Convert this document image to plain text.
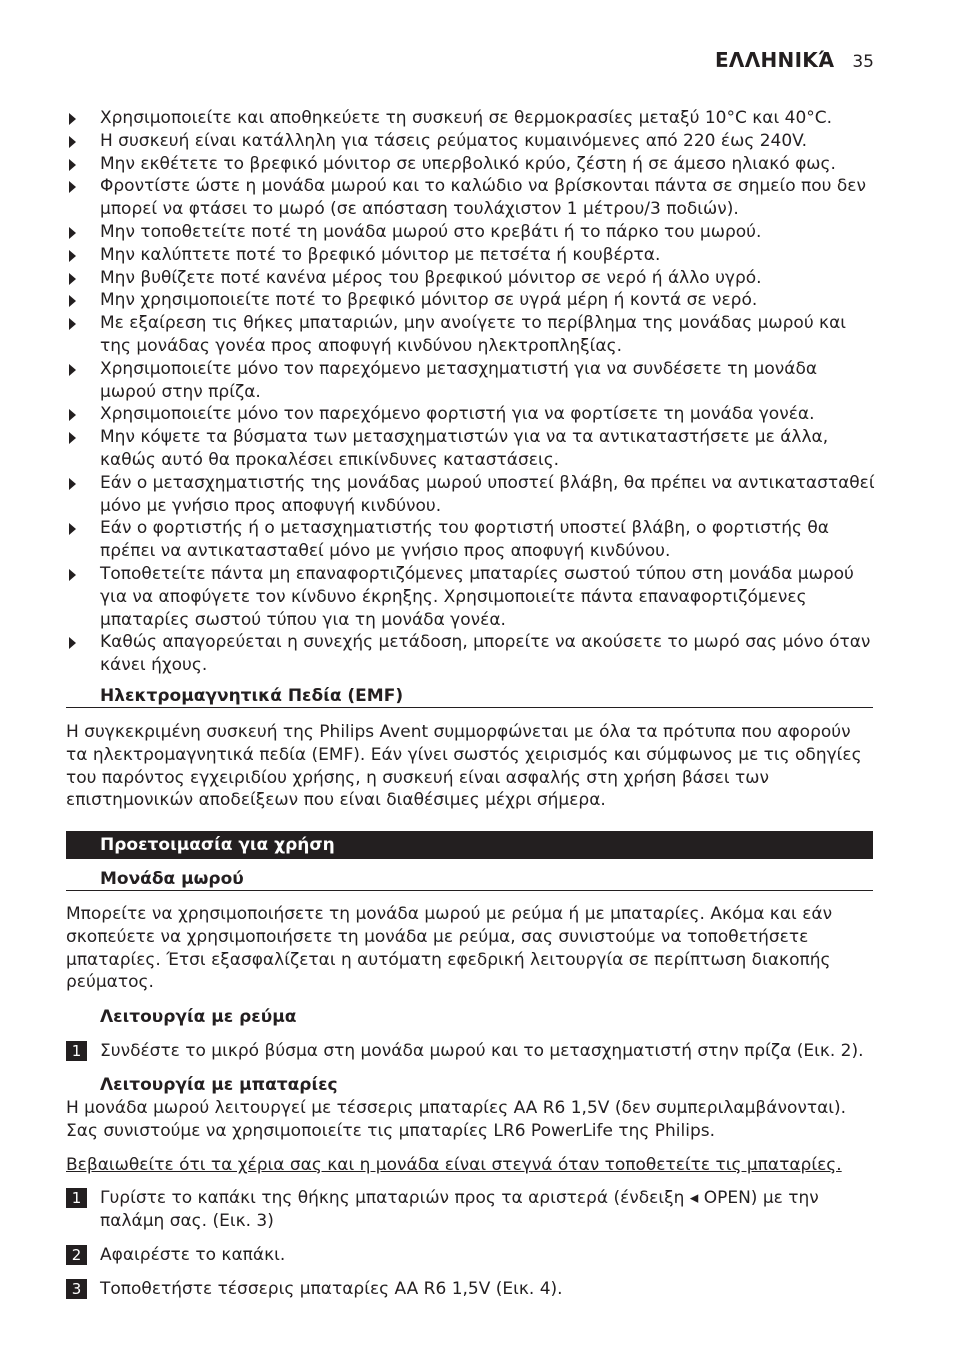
ΕΛΛΗΝΙΚΆ 35
Χρησιμοποιείτε και αποθηκεύετε τη συσκευή σε θερμοκρασίες μεταξύ 10°C και 40°C.
Η συσκευή είναι κατάλληλη για τάσεις ρεύματος κυμαινόμενες από 220 έως 240V.
Μην εκθέτετε το βρεφικό μόνιτορ σε υπερβολικό κρύο, ζέστη ή σε άμεσο ηλιακό φως.
Φροντίστε ώστε η μονάδα μωρού και το καλώδιο να βρίσκονται πάντα σε σημείο που δεν μπορεί να φτάσει το μωρό (σε απόσταση τουλάχιστον 1 μέτρου/3 ποδιών).
Μην τοποθετείτε ποτέ τη μονάδα μωρού στο κρεβάτι ή το πάρκο του μωρού.
Μην καλύπτετε ποτέ το βρεφικό μόνιτορ με πετσέτα ή κουβέρτα.
Μην βυθίζετε ποτέ κανένα μέρος του βρεφικού μόνιτορ σε νερό ή άλλο υγρό.
Μην χρησιμοποιείτε ποτέ το βρεφικό μόνιτορ σε υγρά μέρη ή κοντά σε νερό.
Με εξαίρεση τις θήκες μπαταριών, μην ανοίγετε το περίβλημα της μονάδας μωρού και της μονάδας γονέα προς αποφυγή κινδύνου ηλεκτροπληξίας.
Χρησιμοποιείτε μόνο τον παρεχόμενο μετασχηματιστή για να συνδέσετε τη μονάδα μωρού στην πρίζα.
Χρησιμοποιείτε μόνο τον παρεχόμενο φορτιστή για να φορτίσετε τη μονάδα γονέα.
Μην κόψετε τα βύσματα των μετασχηματιστών για να τα αντικαταστήσετε με άλλα, καθώς αυτό θα προκαλέσει επικίνδυνες καταστάσεις.
Εάν ο μετασχηματιστής της μονάδας μωρού υποστεί βλάβη, θα πρέπει να αντικατασταθεί μόνο με γνήσιο προς αποφυγή κινδύνου.
Εάν ο φορτιστής ή ο μετασχηματιστής του φορτιστή υποστεί βλάβη, ο φορτιστής θα πρέπει να αντικατασταθεί μόνο με γνήσιο προς αποφυγή κινδύνου.
Τοποθετείτε πάντα μη επαναφορτιζόμενες μπαταρίες σωστού τύπου στη μονάδα μωρού για να αποφύγετε τον κίνδυνο έκρηξης. Χρησιμοποιείτε πάντα επαναφορτιζόμενες μπαταρίες σωστού τύπου για τη μονάδα γονέα.
Καθώς απαγορεύεται η συνεχής μετάδοση, μπορείτε να ακούσετε το μωρό σας μόνο όταν κάνει ήχους.
Ηλεκτρομαγνητικά Πεδία (EMF)

Η συγκεκριμένη συσκευή της Philips Avent συμμορφώνεται με όλα τα πρότυπα που αφορούν τα ηλεκτρομαγνητικά πεδία (EMF). Εάν γίνει σωστός χειρισμός και σύμφωνος με τις οδηγίες του παρόντος εγχειριδίου χρήσης, η συσκευή είναι ασφαλής στη χρήση βάσει των επιστημονικών αποδείξεων που είναι διαθέσιμες μέχρι σήμερα.

Προετοιμασία για χρήση
Μονάδα μωρού

Μπορείτε να χρησιμοποιήσετε τη μονάδα μωρού με ρεύμα ή με μπαταρίες. Ακόμα και εάν σκοπεύετε να χρησιμοποιήσετε τη μονάδα με ρεύμα, σας συνιστούμε να τοποθετήσετε μπαταρίες. Έτσι εξασφαλίζεται η αυτόματη εφεδρική λειτουργία σε περίπτωση διακοπής ρεύματος.

Λειτουργία με ρεύμα
1	Συνδέστε το μικρό βύσμα στη μονάδα μωρού και το μετασχηματιστή στην πρίζα (Εικ. 2).
Λειτουργία με μπαταρίες

Η μονάδα μωρού λειτουργεί με τέσσερις μπαταρίες AA R6 1,5V (δεν συμπεριλαμβάνονται). Σας συνιστούμε να χρησιμοποιείτε τις μπαταρίες LR6 PowerLife της Philips.

Βεβαιωθείτε ότι τα χέρια σας και η μονάδα είναι στεγνά όταν τοποθετείτε τις μπαταρίες.

1	Γυρίστε το καπάκι της θήκης μπαταριών προς τα αριστερά (ένδειξη ◂ OPEN) με την παλάμη σας. (Εικ. 3)
2	Αφαιρέστε το καπάκι.
3	Τοποθετήστε τέσσερις μπαταρίες AA R6 1,5V (Εικ. 4).
